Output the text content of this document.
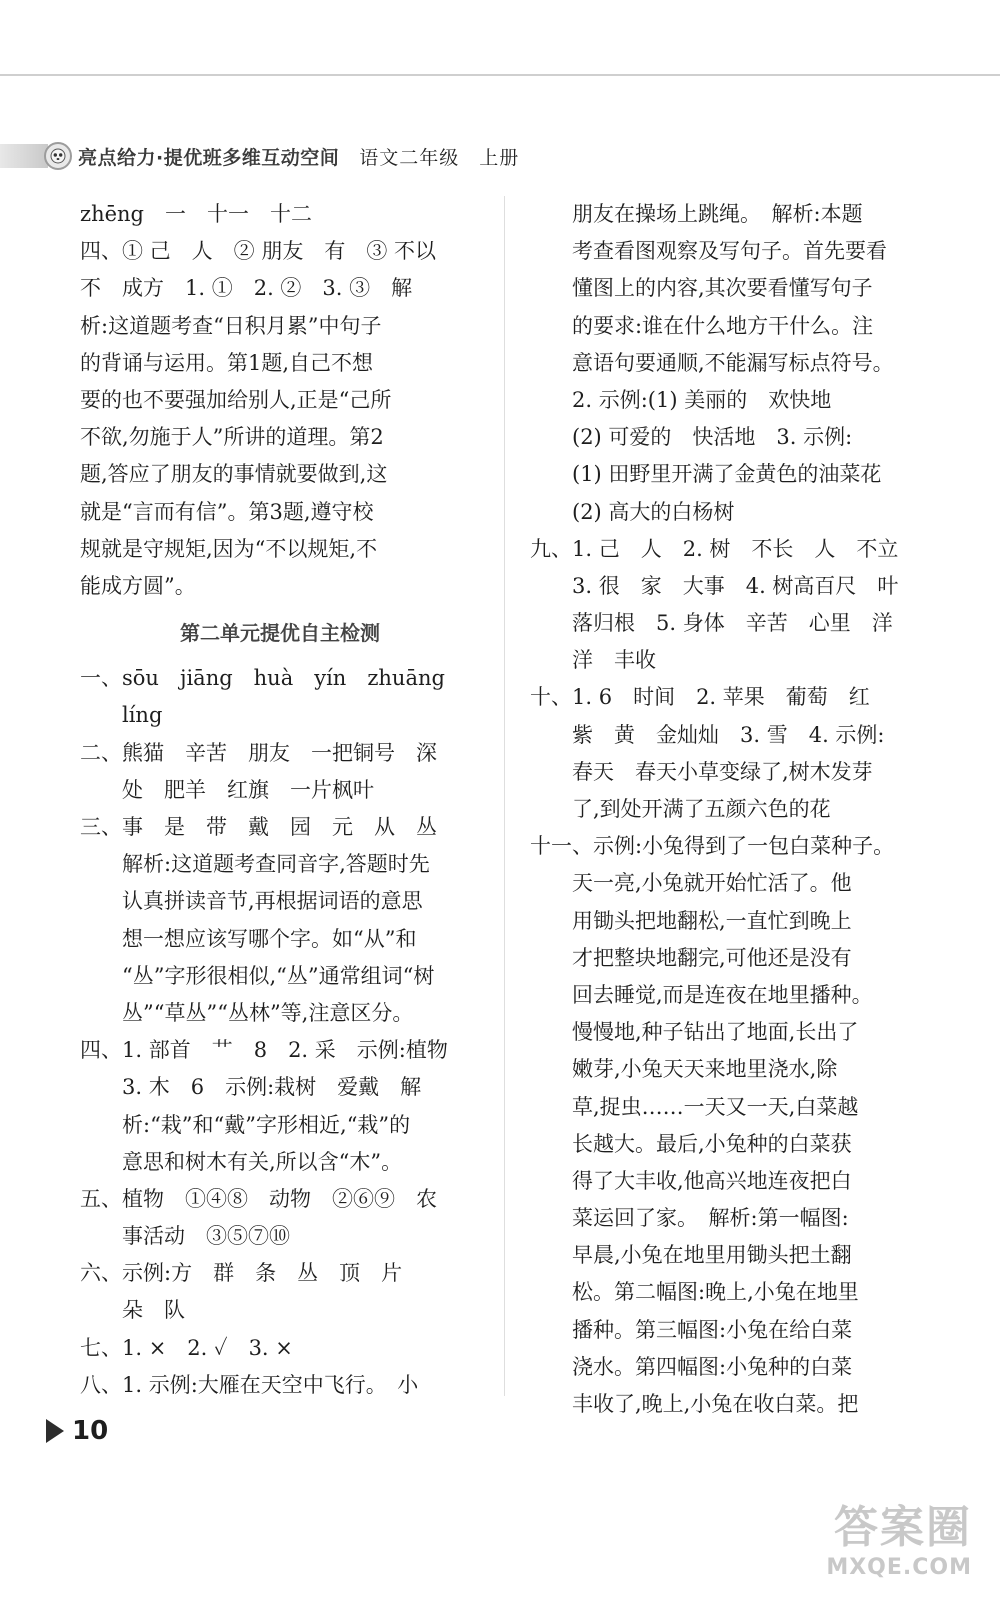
亮点给力·提优班多维互动空间 语文二年级　上册
zhēng　一　十一　十二
四、① 己　人　② 朋友　有　③ 不以
不　成方　1. ①　2. ②　3. ③　解
析:这道题考查“日积月累”中句子
的背诵与运用。第1题,自己不想
要的也不要强加给别人,正是“己所
不欲,勿施于人”所讲的道理。第2
题,答应了朋友的事情就要做到,这
就是“言而有信”。第3题,遵守校
规就是守规矩,因为“不以规矩,不
能成方圆”。
第二单元提优自主检测
一、sōu　jiāng　huà　yín　zhuāng
　　líng
二、熊猫　辛苦　朋友　一把铜号　深
　　处　肥羊　红旗　一片枫叶
三、事　是　带　戴　园　元　从　丛
　　解析:这道题考查同音字,答题时先
　　认真拼读音节,再根据词语的意思
　　想一想应该写哪个字。如“从”和
　　“丛”字形很相似,“丛”通常组词“树
　　丛”“草丛”“丛林”等,注意区分。
四、1. 部首　艹　8　2. 采　示例:植物
　　3. 木　6　示例:栽树　爱戴　解
　　析:“栽”和“戴”字形相近,“栽”的
　　意思和树木有关,所以含“木”。
五、植物　①④⑧　动物　②⑥⑨　农
　　事活动　③⑤⑦⑩
六、示例:方　群　条　丛　顶　片
　　朵　队
七、1. ×　2. ✓　3. ×
八、1. 示例:大雁在天空中飞行。　小
　　朋友在操场上跳绳。　解析:本题
　　考查看图观察及写句子。首先要看
　　懂图上的内容,其次要看懂写句子
　　的要求:谁在什么地方干什么。注
　　意语句要通顺,不能漏写标点符号。
　　2. 示例:(1) 美丽的　欢快地
　　(2) 可爱的　快活地　3. 示例:
　　(1) 田野里开满了金黄色的油菜花
　　(2) 高大的白杨树
九、1. 己　人　2. 树　不长　人　不立
　　3. 很　家　大事　4. 树高百尺　叶
　　落归根　5. 身体　辛苦　心里　洋
　　洋　丰收
十、1. 6　时间　2. 苹果　葡萄　红
　　紫　黄　金灿灿　3. 雪　4. 示例:
　　春天　春天小草变绿了,树木发芽
　　了,到处开满了五颜六色的花
十一、示例:小兔得到了一包白菜种子。
　　天一亮,小兔就开始忙活了。他
　　用锄头把地翻松,一直忙到晚上
　　才把整块地翻完,可他还是没有
　　回去睡觉,而是连夜在地里播种。
　　慢慢地,种子钻出了地面,长出了
　　嫩芽,小兔天天来地里浇水,除
　　草,捉虫……一天又一天,白菜越
　　长越大。最后,小兔种的白菜获
　　得了大丰收,他高兴地连夜把白
　　菜运回了家。　解析:第一幅图:
　　早晨,小兔在地里用锄头把土翻
　　松。第二幅图:晚上,小兔在地里
　　播种。第三幅图:小兔在给白菜
　　浇水。第四幅图:小兔种的白菜
　　丰收了,晚上,小兔在收白菜。把
10
答案圈
MXQE.COM
